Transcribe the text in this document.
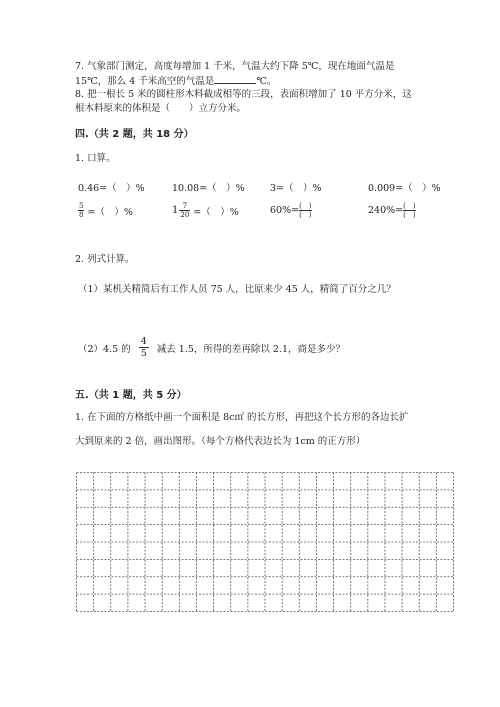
7. 气象部门测定，高度每增加 1 千米，气温大约下降 5℃，现在地面气温是
15℃，那么 4 千米高空的气温是	℃。
8. 把一根长 5 米的圆柱形木料截成相等的三段，表面积增加了 10 平方分米，这
根木料原来的体积是（　　）立方分米。
四.（共 2 题，共 18 分）
1. 口算。
0.46=（　）%	10.08=（　）%	3=（　）%	0.009=（　）%
$\frac{5}{8}$ =（　）%	$1 \frac{7}{20}$ =（　）%	$60\%= \frac{( )}{( )}$	$240\%= \frac{( )}{( )}$
2. 列式计算。
（1）某机关精简后有工作人员 75 人，比原来少 45 人，精简了百分之几？
（2）4.5 的 $\frac{4}{5}$ 减去 1.5，所得的差再除以 2.1，商是多少？
五.（共 1 题，共 5 分）
1. 在下面的方格纸中画一个面积是 8c㎡ 的长方形，再把这个长方形的各边长扩
大到原来的 2 倍，画出图形。（每个方格代表边长为 1cm 的正方形）
